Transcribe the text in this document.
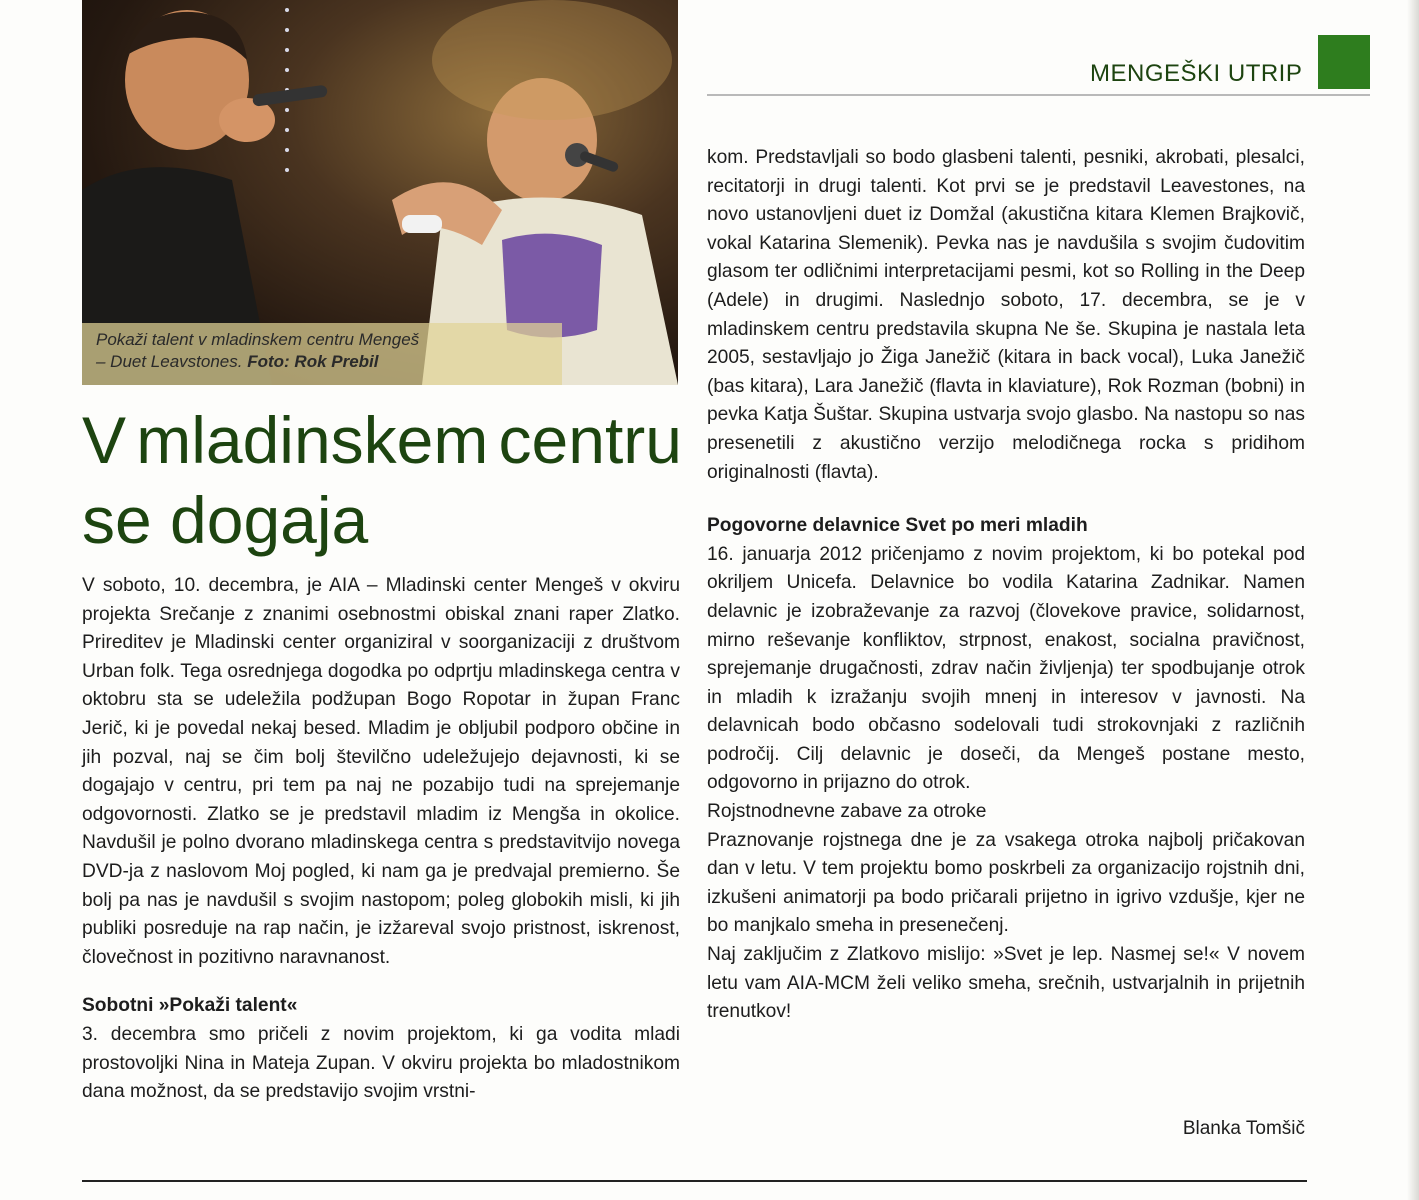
MENGEŠKI UTRIP
Pokaži talent v mladinskem centru Mengeš
– Duet Leavstones. Foto: Rok Prebil
V mladinskem centru
se dogaja

V soboto, 10. decembra, je AIA – Mladinski center Mengeš v okviru projekta Srečanje z znanimi osebnostmi obiskal znani raper Zlatko. Prireditev je Mladinski center organiziral v soorganizaciji z društvom Urban folk. Tega osrednjega dogodka po odprtju mladinskega centra v oktobru sta se udeležila podžupan Bogo Ropotar in župan Franc Jerič, ki je povedal nekaj besed. Mladim je obljubil podporo občine in jih pozval, naj se čim bolj številčno udeležujejo dejavnosti, ki se dogajajo v centru, pri tem pa naj ne pozabijo tudi na sprejemanje odgovornosti. Zlatko se je predstavil mladim iz Mengša in okolice. Navdušil je polno dvorano mladinskega centra s predstavitvijo novega DVD-ja z naslovom Moj pogled, ki nam ga je predvajal premierno. Še bolj pa nas je navdušil s svojim nastopom; poleg globokih misli, ki jih publiki posreduje na rap način, je izžareval svojo pristnost, iskrenost, človečnost in pozitivno naravnanost.

Sobotni »Pokaži talent«

3. decembra smo pričeli z novim projektom, ki ga vodita mladi prostovoljki Nina in Mateja Zupan. V okviru projekta bo mladostnikom dana možnost, da se predstavijo svojim vrstni-

kom. Predstavljali so bodo glasbeni talenti, pesniki, akrobati, plesalci, recitatorji in drugi talenti. Kot prvi se je predstavil Leavestones, na novo ustanovljeni duet iz Domžal (akustična kitara Klemen Brajkovič, vokal Katarina Slemenik). Pevka nas je navdušila s svojim čudovitim glasom ter odličnimi interpretacijami pesmi, kot so Rolling in the Deep (Adele) in drugimi. Naslednjo soboto, 17. decembra, se je v mladinskem centru predstavila skupna Ne še. Skupina je nastala leta 2005, sestavljajo jo Žiga Janežič (kitara in back vocal), Luka Janežič (bas kitara), Lara Janežič (flavta in klaviature), Rok Rozman (bobni) in pevka Katja Šuštar. Skupina ustvarja svojo glasbo. Na nastopu so nas presenetili z akustično verzijo melodičnega rocka s pridihom originalnosti (flavta).

Pogovorne delavnice Svet po meri mladih

16. januarja 2012 pričenjamo z novim projektom, ki bo potekal pod okriljem Unicefa. Delavnice bo vodila Katarina Zadnikar. Namen delavnic je izobraževanje za razvoj (človekove pravice, solidarnost, mirno reševanje konfliktov, strpnost, enakost, socialna pravičnost, sprejemanje drugačnosti, zdrav način življenja) ter spodbujanje otrok in mladih k izražanju svojih mnenj in interesov v javnosti. Na delavnicah bodo občasno sodelovali tudi strokovnjaki z različnih področij. Cilj delavnic je doseči, da Mengeš postane mesto, odgovorno in prijazno do otrok.

Rojstnodnevne zabave za otroke

Praznovanje rojstnega dne je za vsakega otroka najbolj pričakovan dan v letu. V tem projektu bomo poskrbeli za organizacijo rojstnih dni, izkušeni animatorji pa bodo pričarali prijetno in igrivo vzdušje, kjer ne bo manjkalo smeha in presenečenj.

Naj zaključim z Zlatkovo mislijo: »Svet je lep. Nasmej se!« V novem letu vam AIA-MCM želi veliko smeha, srečnih, ustvarjalnih in prijetnih trenutkov!

Blanka Tomšič
